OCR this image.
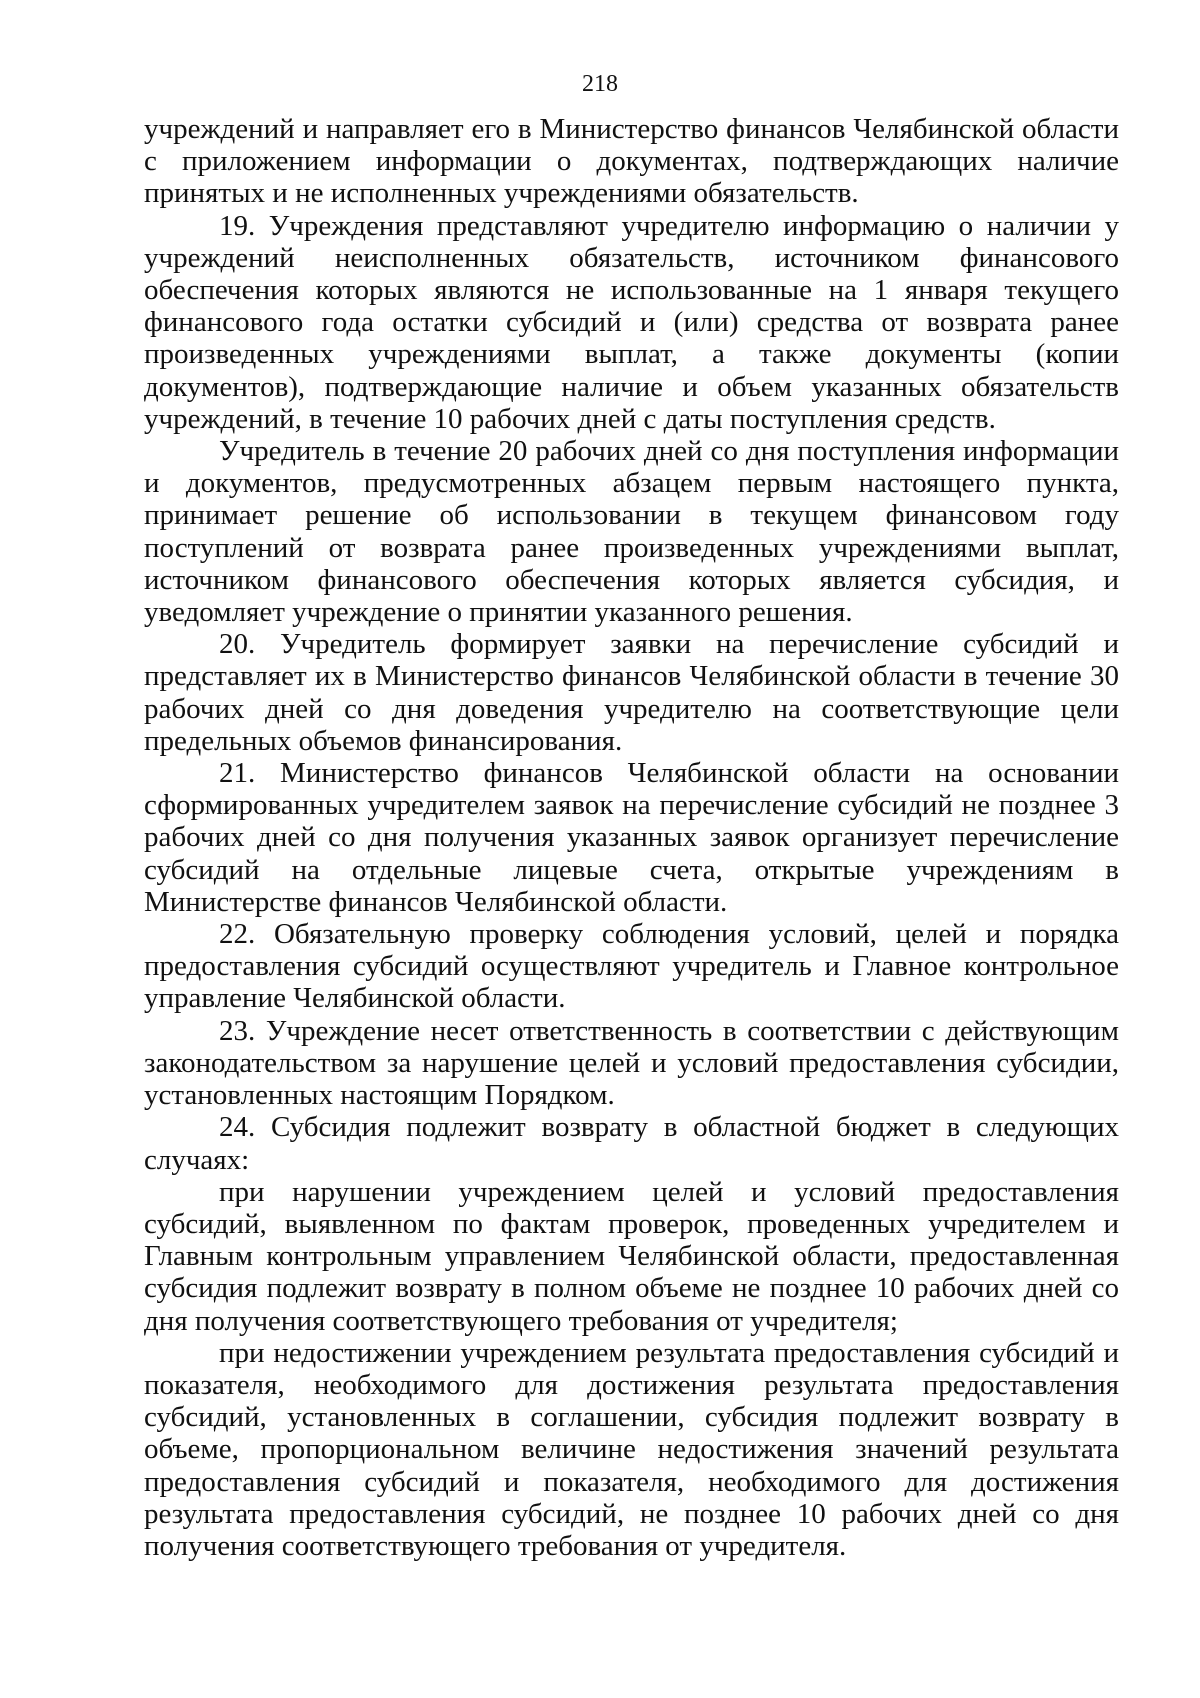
218

учреждений и направляет его в Министерство финансов Челябинской области с приложением информации о документах, подтверждающих наличие принятых и не исполненных учреждениями обязательств.

19. Учреждения представляют учредителю информацию о наличии у учреждений неисполненных обязательств, источником финансового обеспечения которых являются не использованные на 1 января текущего финансового года остатки субсидий и (или) средства от возврата ранее произведенных учреждениями выплат, а также документы (копии документов), подтверждающие наличие и объем указанных обязательств учреждений, в течение 10 рабочих дней с даты поступления средств.

Учредитель в течение 20 рабочих дней со дня поступления информации и документов, предусмотренных абзацем первым настоящего пункта, принимает решение об использовании в текущем финансовом году поступлений от возврата ранее произведенных учреждениями выплат, источником финансового обеспечения которых является субсидия, и уведомляет учреждение о принятии указанного решения.

20. Учредитель формирует заявки на перечисление субсидий и представляет их в Министерство финансов Челябинской области в течение 30 рабочих дней со дня доведения учредителю на соответствующие цели предельных объемов финансирования.

21. Министерство финансов Челябинской области на основании сформированных учредителем заявок на перечисление субсидий не позднее 3 рабочих дней со дня получения указанных заявок организует перечисление субсидий на отдельные лицевые счета, открытые учреждениям в Министерстве финансов Челябинской области.

22. Обязательную проверку соблюдения условий, целей и порядка предоставления субсидий осуществляют учредитель и Главное контрольное управление Челябинской области.

23. Учреждение несет ответственность в соответствии с действующим законодательством за нарушение целей и условий предоставления субсидии, установленных настоящим Порядком.

24. Субсидия подлежит возврату в областной бюджет в следующих случаях:

при нарушении учреждением целей и условий предоставления субсидий, выявленном по фактам проверок, проведенных учредителем и Главным контрольным управлением Челябинской области, предоставленная субсидия подлежит возврату в полном объеме не позднее 10 рабочих дней со дня получения соответствующего требования от учредителя;

при недостижении учреждением результата предоставления субсидий и показателя, необходимого для достижения результата предоставления субсидий, установленных в соглашении, субсидия подлежит возврату в объеме, пропорциональном величине недостижения значений результата предоставления субсидий и показателя, необходимого для достижения результата предоставления субсидий, не позднее 10 рабочих дней со дня получения соответствующего требования от учредителя.
